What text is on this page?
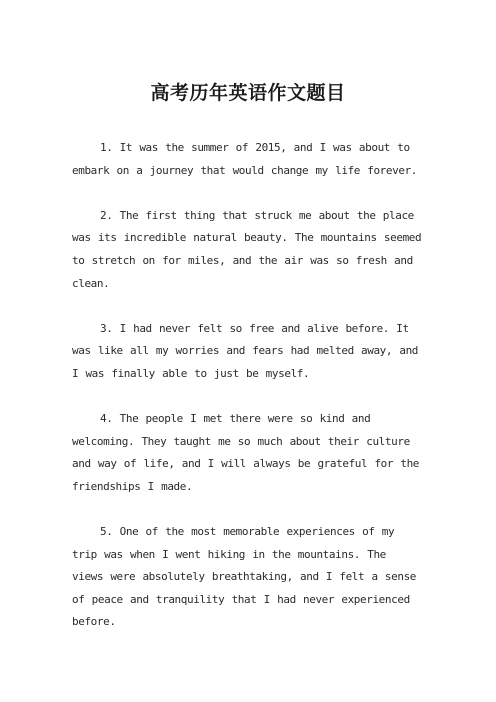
高考历年英语作文题目

1. It was the summer of 2015, and I was about to embark on a journey that would change my life forever.

2. The first thing that struck me about the place was its incredible natural beauty. The mountains seemed to stretch on for miles, and the air was so fresh and clean.

3. I had never felt so free and alive before. It was like all my worries and fears had melted away, and I was finally able to just be myself.

4. The people I met there were so kind and welcoming. They taught me so much about their culture and way of life, and I will always be grateful for the friendships I made.

5. One of the most memorable experiences of my trip was when I went hiking in the mountains. The views were absolutely breathtaking, and I felt a sense of peace and tranquility that I had never experienced before.
